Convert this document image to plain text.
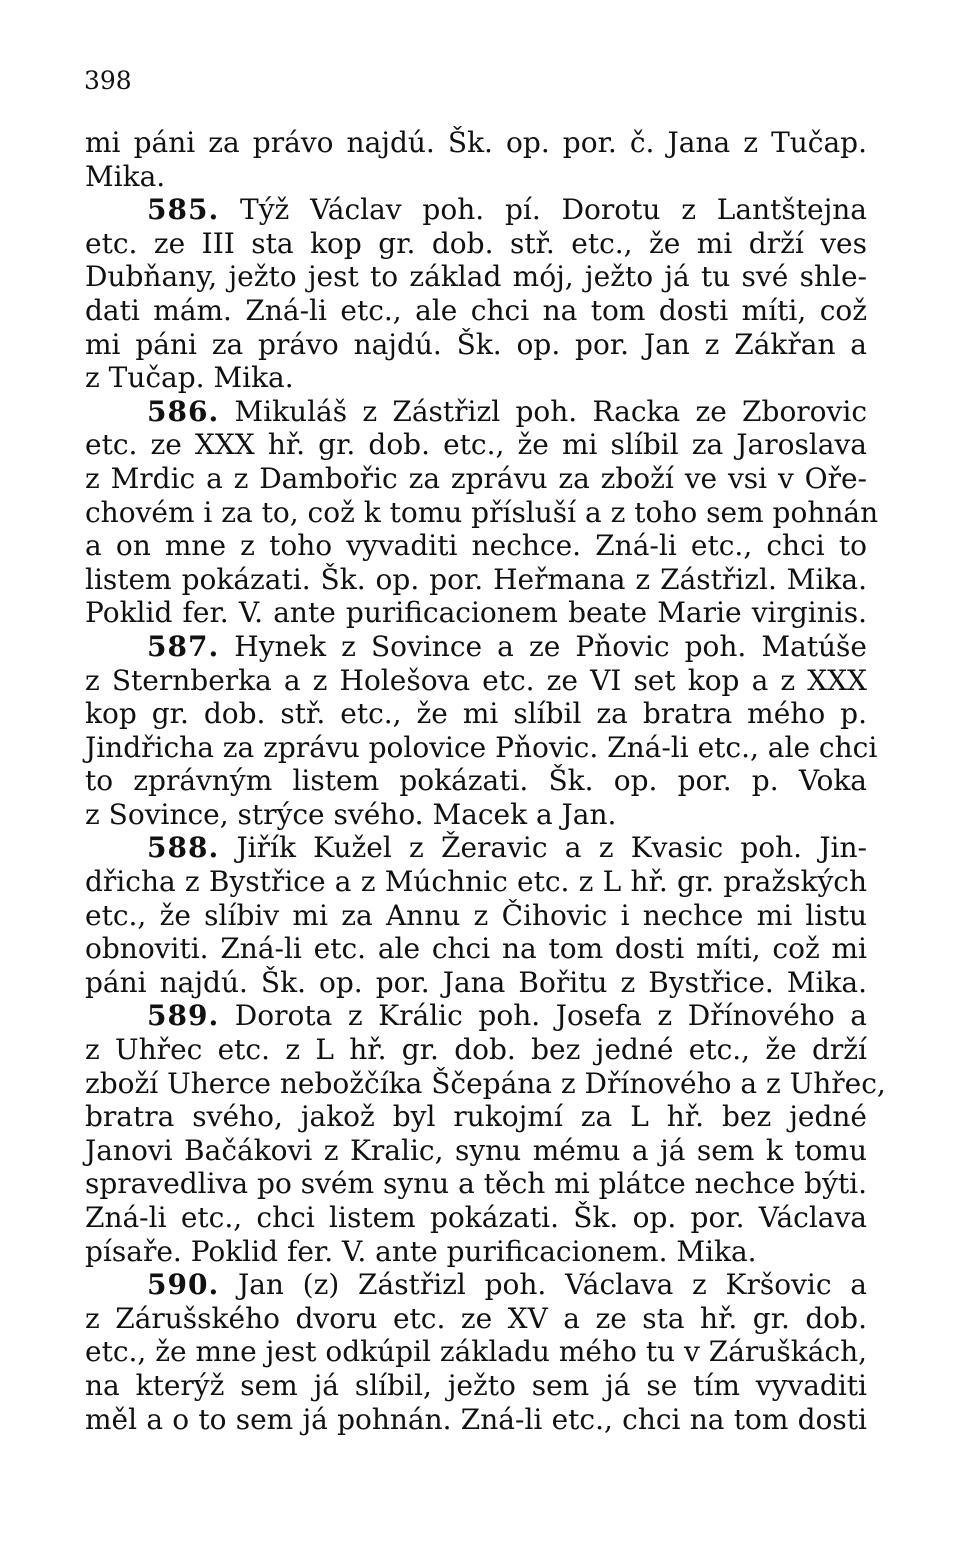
398
mi páni za právo najdú. Šk. op. por. č. Jana z Tučap.
Mika.
585. Týž Václav poh. pí. Dorotu z Lantštejna
etc. ze III sta kop gr. dob. stř. etc., že mi drží ves
Dubňany, ježto jest to základ mój, ježto já tu své shle-
dati mám. Zná-li etc., ale chci na tom dosti míti, což
mi páni za právo najdú. Šk. op. por. Jan z Zákřan a
z Tučap. Mika.
586. Mikuláš z Zástřizl poh. Racka ze Zborovic
etc. ze XXX hř. gr. dob. etc., že mi slíbil za Jaroslava
z Mrdic a z Dambořic za zprávu za zboží ve vsi v Oře-
chovém i za to, což k tomu přísluší a z toho sem pohnán
a on mne z toho vyvaditi nechce. Zná-li etc., chci to
listem pokázati. Šk. op. por. Heřmana z Zástřizl. Mika.
Poklid fer. V. ante purificacionem beate Marie virginis.
587. Hynek z Sovince a ze Pňovic poh. Matúše
z Sternberka a z Holešova etc. ze VI set kop a z XXX
kop gr. dob. stř. etc., že mi slíbil za bratra mého p.
Jindřicha za zprávu polovice Pňovic. Zná-li etc., ale chci
to zprávným listem pokázati. Šk. op. por. p. Voka
z Sovince, strýce svého. Macek a Jan.
588. Jiřík Kužel z Žeravic a z Kvasic poh. Jin-
dřicha z Bystřice a z Múchnic etc. z L hř. gr. pražských
etc., že slíbiv mi za Annu z Čihovic i nechce mi listu
obnoviti. Zná-li etc. ale chci na tom dosti míti, což mi
páni najdú. Šk. op. por. Jana Bořitu z Bystřice. Mika.
589. Dorota z Králic poh. Josefa z Dřínového a
z Uhřec etc. z L hř. gr. dob. bez jedné etc., že drží
zboží Uherce nebožčíka Ščepána z Dřínového a z Uhřec,
bratra svého, jakož byl rukojmí za L hř. bez jedné
Janovi Bačákovi z Kralic, synu mému a já sem k tomu
spravedliva po svém synu a těch mi plátce nechce býti.
Zná-li etc., chci listem pokázati. Šk. op. por. Václava
písaře. Poklid fer. V. ante purificacionem. Mika.
590. Jan (z) Zástřizl poh. Václava z Kršovic a
z Zárušského dvoru etc. ze XV a ze sta hř. gr. dob.
etc., že mne jest odkúpil základu mého tu v Záruškách,
na kterýž sem já slíbil, ježto sem já se tím vyvaditi
měl a o to sem já pohnán. Zná-li etc., chci na tom dosti
